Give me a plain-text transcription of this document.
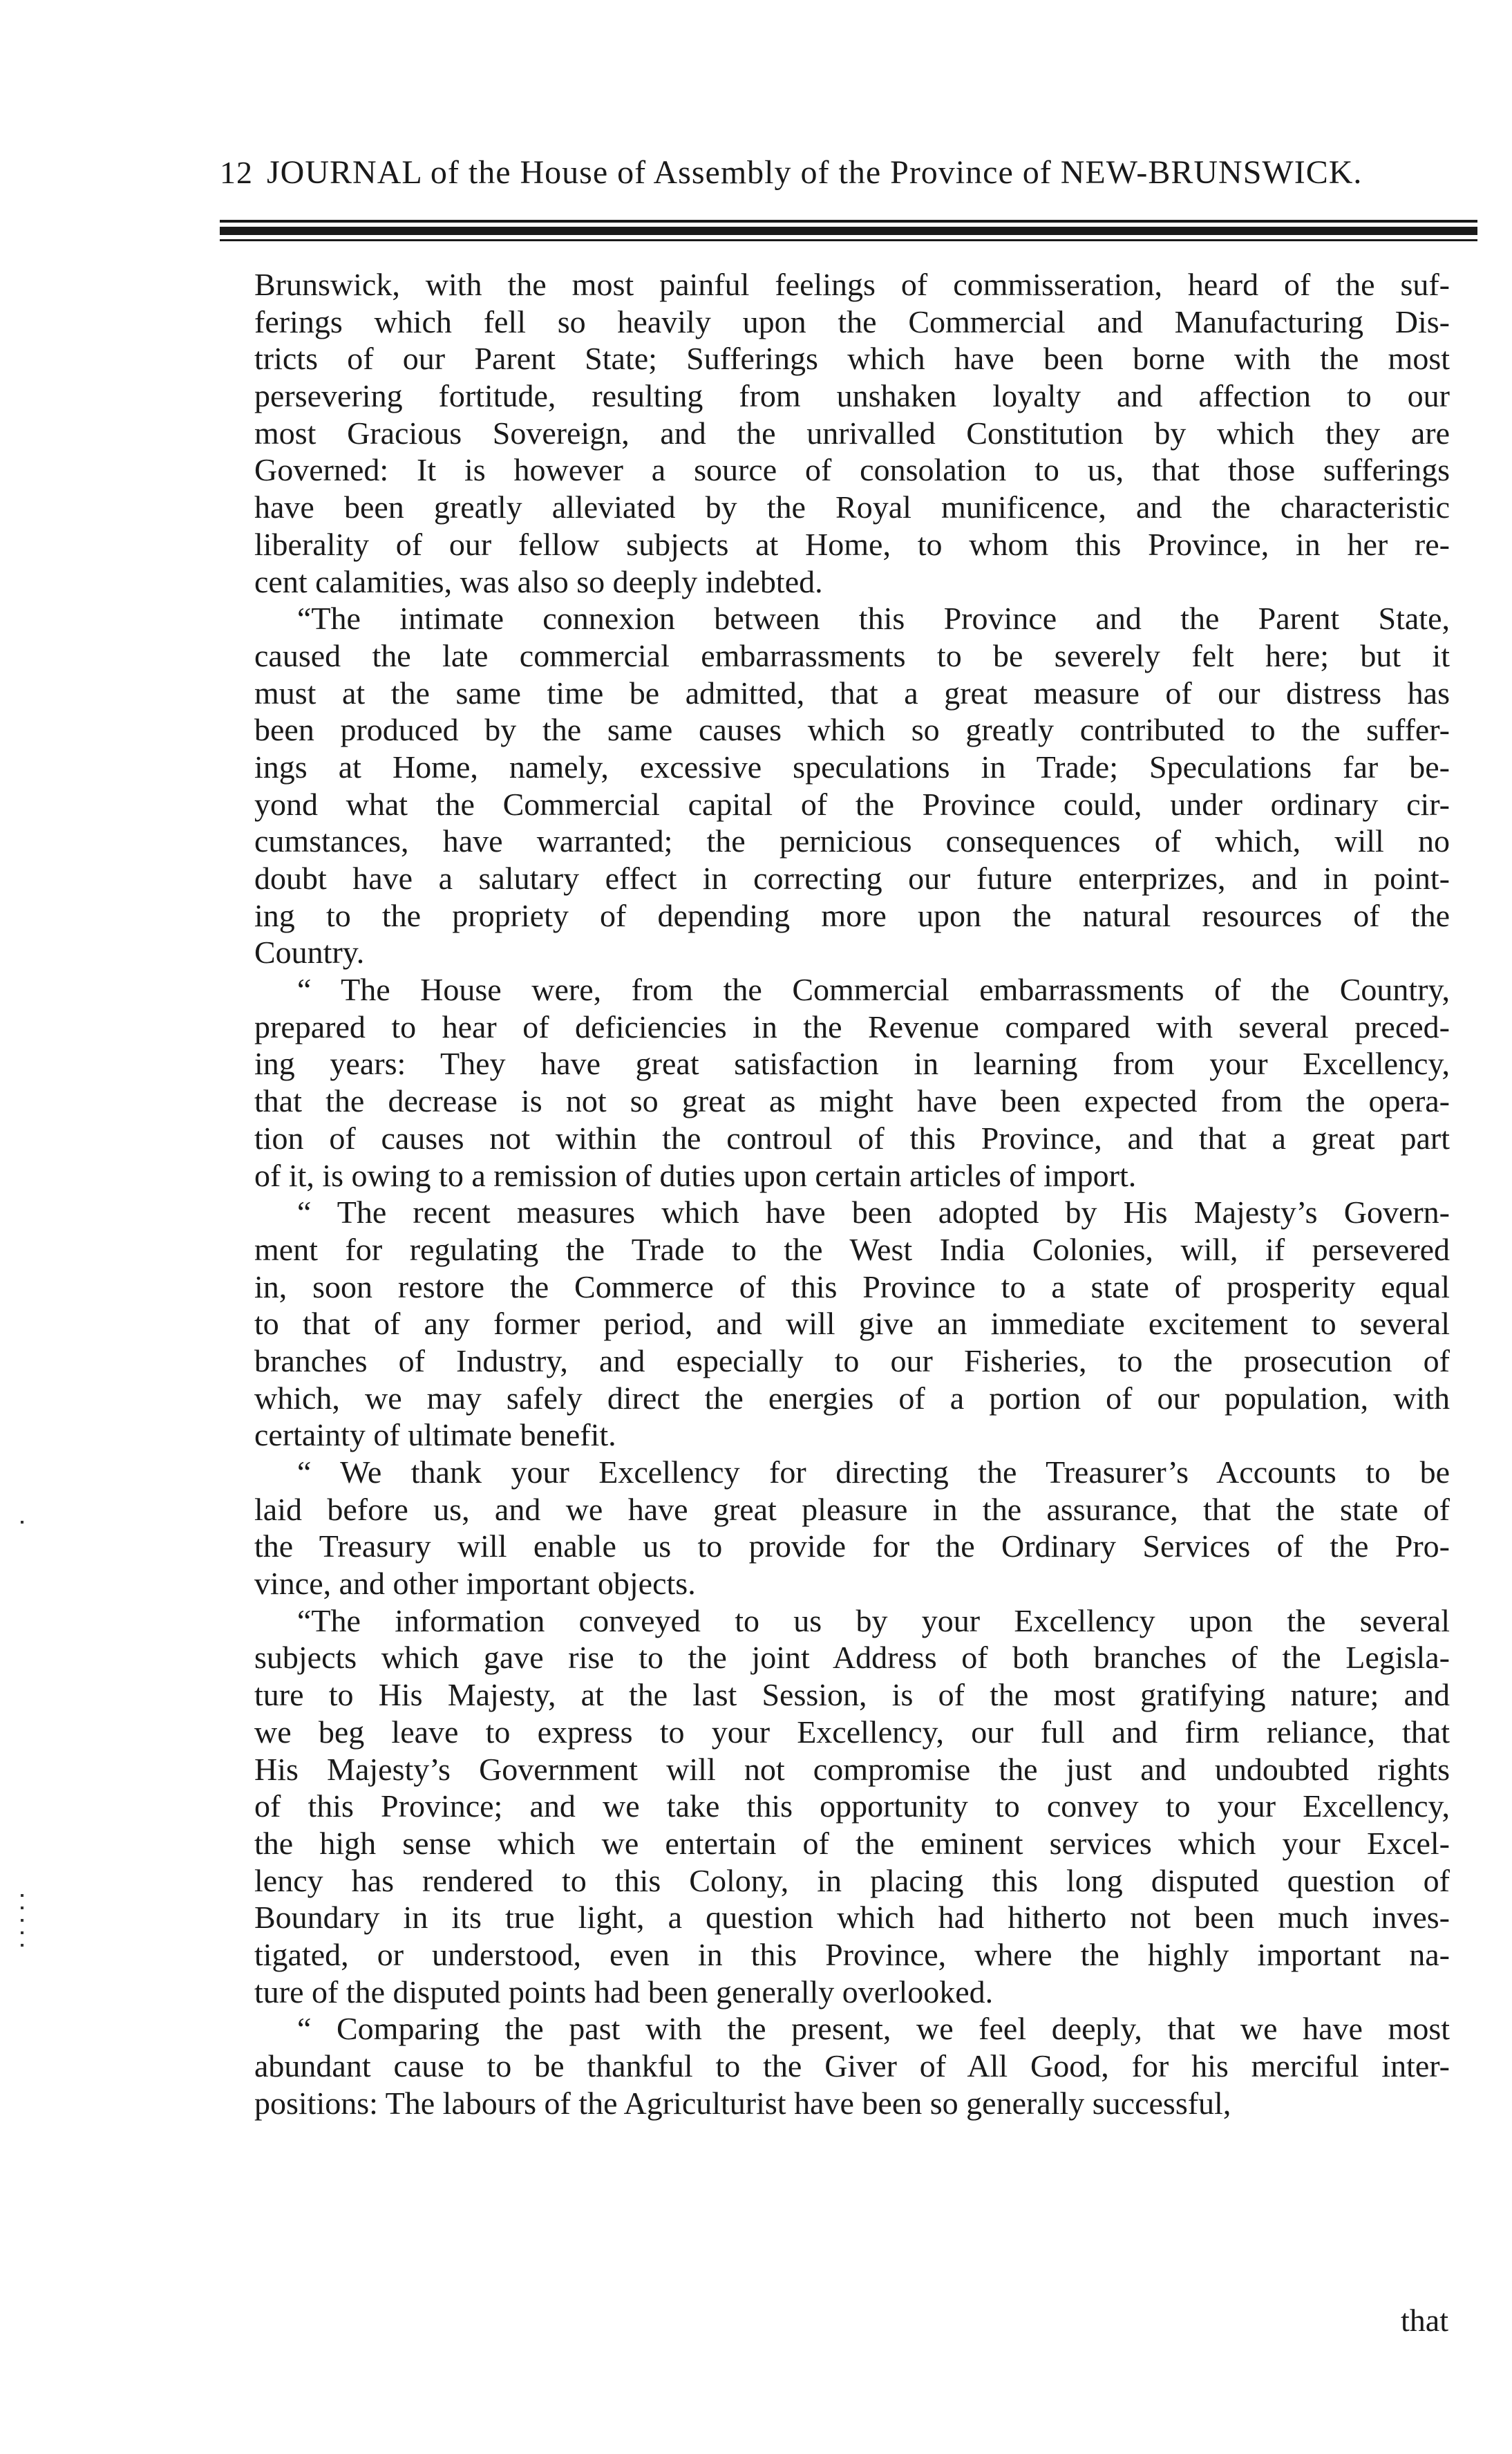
12 JOURNAL of the House of Assembly of the Province of NEW-BRUNSWICK.
Brunswick, with the most painful feelings of commisseration, heard of the suf-
ferings which fell so heavily upon the Commercial and Manufacturing Dis-
tricts of our Parent State; Sufferings which have been borne with the most
persevering fortitude, resulting from unshaken loyalty and affection to our
most Gracious Sovereign, and the unrivalled Constitution by which they are
Governed: It is however a source of consolation to us, that those sufferings
have been greatly alleviated by the Royal munificence, and the characteristic
liberality of our fellow subjects at Home, to whom this Province, in her re-
cent calamities, was also so deeply indebted.
“The intimate connexion between this Province and the Parent State,
caused the late commercial embarrassments to be severely felt here; but it
must at the same time be admitted, that a great measure of our distress has
been produced by the same causes which so greatly contributed to the suffer-
ings at Home, namely, excessive speculations in Trade; Speculations far be-
yond what the Commercial capital of the Province could, under ordinary cir-
cumstances, have warranted; the pernicious consequences of which, will no
doubt have a salutary effect in correcting our future enterprizes, and in point-
ing to the propriety of depending more upon the natural resources of the
Country.
“ The House were, from the Commercial embarrassments of the Country,
prepared to hear of deficiencies in the Revenue compared with several preced-
ing years: They have great satisfaction in learning from your Excellency,
that the decrease is not so great as might have been expected from the opera-
tion of causes not within the controul of this Province, and that a great part
of it, is owing to a remission of duties upon certain articles of import.
“ The recent measures which have been adopted by His Majesty’s Govern-
ment for regulating the Trade to the West India Colonies, will, if persevered
in, soon restore the Commerce of this Province to a state of prosperity equal
to that of any former period, and will give an immediate excitement to several
branches of Industry, and especially to our Fisheries, to the prosecution of
which, we may safely direct the energies of a portion of our population, with
certainty of ultimate benefit.
“ We thank your Excellency for directing the Treasurer’s Accounts to be
laid before us, and we have great pleasure in the assurance, that the state of
the Treasury will enable us to provide for the Ordinary Services of the Pro-
vince, and other important objects.
“The information conveyed to us by your Excellency upon the several
subjects which gave rise to the joint Address of both branches of the Legisla-
ture to His Majesty, at the last Session, is of the most gratifying nature; and
we beg leave to express to your Excellency, our full and firm reliance, that
His Majesty’s Government will not compromise the just and undoubted rights
of this Province; and we take this opportunity to convey to your Excellency,
the high sense which we entertain of the eminent services which your Excel-
lency has rendered to this Colony, in placing this long disputed question of
Boundary in its true light, a question which had hitherto not been much inves-
tigated, or understood, even in this Province, where the highly important na-
ture of the disputed points had been generally overlooked.
“ Comparing the past with the present, we feel deeply, that we have most
abundant cause to be thankful to the Giver of All Good, for his merciful inter-
positions: The labours of the Agriculturist have been so generally successful,
that
